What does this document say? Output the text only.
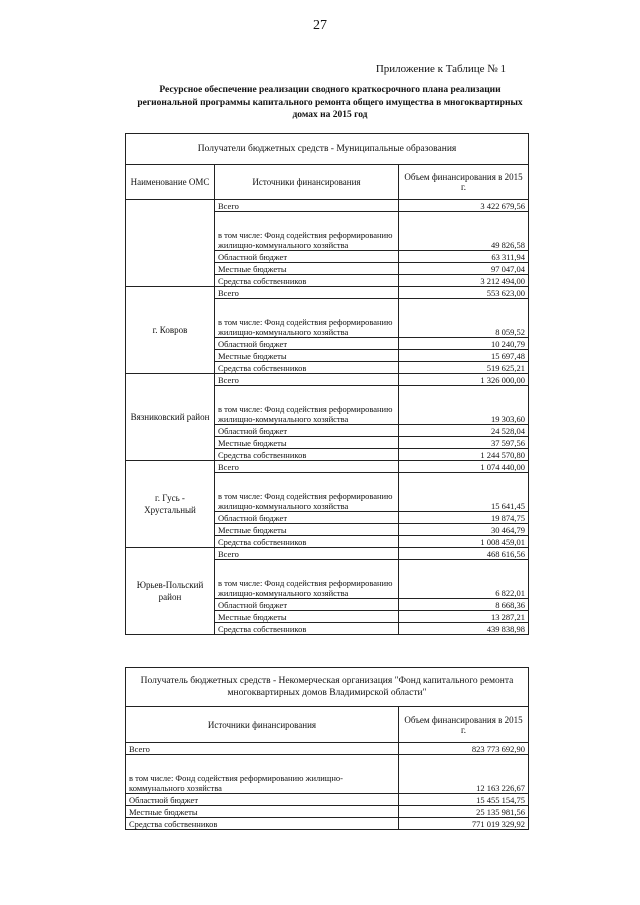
27
Приложение к Таблице № 1
Ресурсное обеспечение реализации сводного краткосрочного плана реализации региональной программы капитального ремонта общего имущества в многоквартирных домах на 2015 год
Получатели бюджетных средств - Муниципальные образования		
Наименование ОМС	Источники финансирования	Объем финансирования в 2015 г.
	Всего	3 422 679,56
	в том числе: Фонд содействия реформированию жилищно-коммунального хозяйства	49 826,58
	Областной бюджет	63 311,94
	Местные бюджеты	97 047,04
	Средства собственников	3 212 494,00
г. Ковров	Всего	553 623,00
	в том числе: Фонд содействия реформированию жилищно-коммунального хозяйства	8 059,52
	Областной бюджет	10 240,79
	Местные бюджеты	15 697,48
	Средства собственников	519 625,21
Вязниковский район	Всего	1 326 000,00
	в том числе: Фонд содействия реформированию жилищно-коммунального хозяйства	19 303,60
	Областной бюджет	24 528,04
	Местные бюджеты	37 597,56
	Средства собственников	1 244 570,80
г. Гусь - Хрустальный	Всего	1 074 440,00
	в том числе: Фонд содействия реформированию жилищно-коммунального хозяйства	15 641,45
	Областной бюджет	19 874,75
	Местные бюджеты	30 464,79
	Средства собственников	1 008 459,01
Юрьев-Польский район	Всего	468 616,56
	в том числе: Фонд содействия реформированию жилищно-коммунального хозяйства	6 822,01
	Областной бюджет	8 668,36
	Местные бюджеты	13 287,21
	Средства собственников	439 838,98
Получатель бюджетных средств - Некомерческая организация "Фонд капитального ремонта многоквартирных домов Владимирской области"	
Источники финансирования	Объем финансирования в 2015 г.
Всего	823 773 692,90
в том числе: Фонд содействия реформированию жилищно-коммунального хозяйства	12 163 226,67
Областной бюджет	15 455 154,75
Местные бюджеты	25 135 981,56
Средства собственников	771 019 329,92
